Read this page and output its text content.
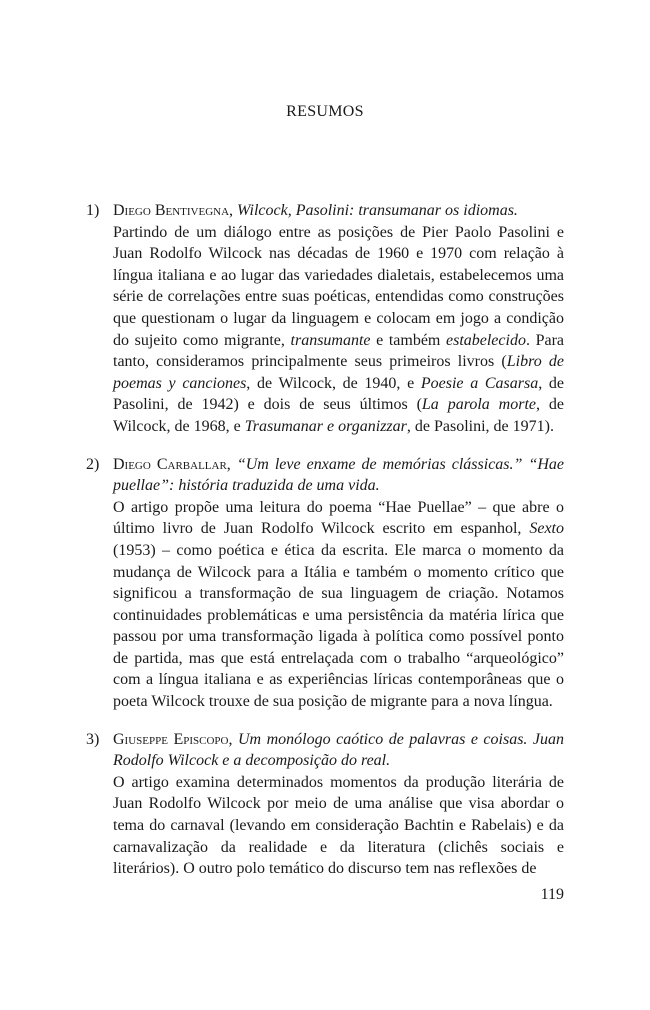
RESUMOS
1) Diego Bentivegna, Wilcock, Pasolini: transumanar os idiomas.

Partindo de um diálogo entre as posições de Pier Paolo Pasolini e Juan Rodolfo Wilcock nas décadas de 1960 e 1970 com relação à língua italiana e ao lugar das variedades dialetais, estabelecemos uma série de correlações entre suas poéticas, entendidas como construções que questionam o lugar da linguagem e colocam em jogo a condição do sujeito como migrante, transumante e também estabelecido. Para tanto, consideramos principalmente seus primeiros livros (Libro de poemas y canciones, de Wilcock, de 1940, e Poesie a Casarsa, de Pasolini, de 1942) e dois de seus últimos (La parola morte, de Wilcock, de 1968, e Trasumanar e organizzar, de Pasolini, de 1971).

2) Diego Carballar, “Um leve enxame de memórias clássicas.” “Hae puellae”: história traduzida de uma vida.

O artigo propõe uma leitura do poema “Hae Puellae” – que abre o último livro de Juan Rodolfo Wilcock escrito em espanhol, Sexto (1953) – como poética e ética da escrita. Ele marca o momento da mudança de Wilcock para a Itália e também o momento crítico que significou a transformação de sua linguagem de criação. Notamos continuidades problemáticas e uma persistência da matéria lírica que passou por uma transformação ligada à política como possível ponto de partida, mas que está entrelaçada com o trabalho “arqueológico” com a língua italiana e as experiências líricas contemporâneas que o poeta Wilcock trouxe de sua posição de migrante para a nova língua.

3) Giuseppe Episcopo, Um monólogo caótico de palavras e coisas. Juan Rodolfo Wilcock e a decomposição do real.

O artigo examina determinados momentos da produção literária de Juan Rodolfo Wilcock por meio de uma análise que visa abordar o tema do carnaval (levando em consideração Bachtin e Rabelais) e da carnavalização da realidade e da literatura (clichês sociais e literários). O outro polo temático do discurso tem nas reflexões de

119
